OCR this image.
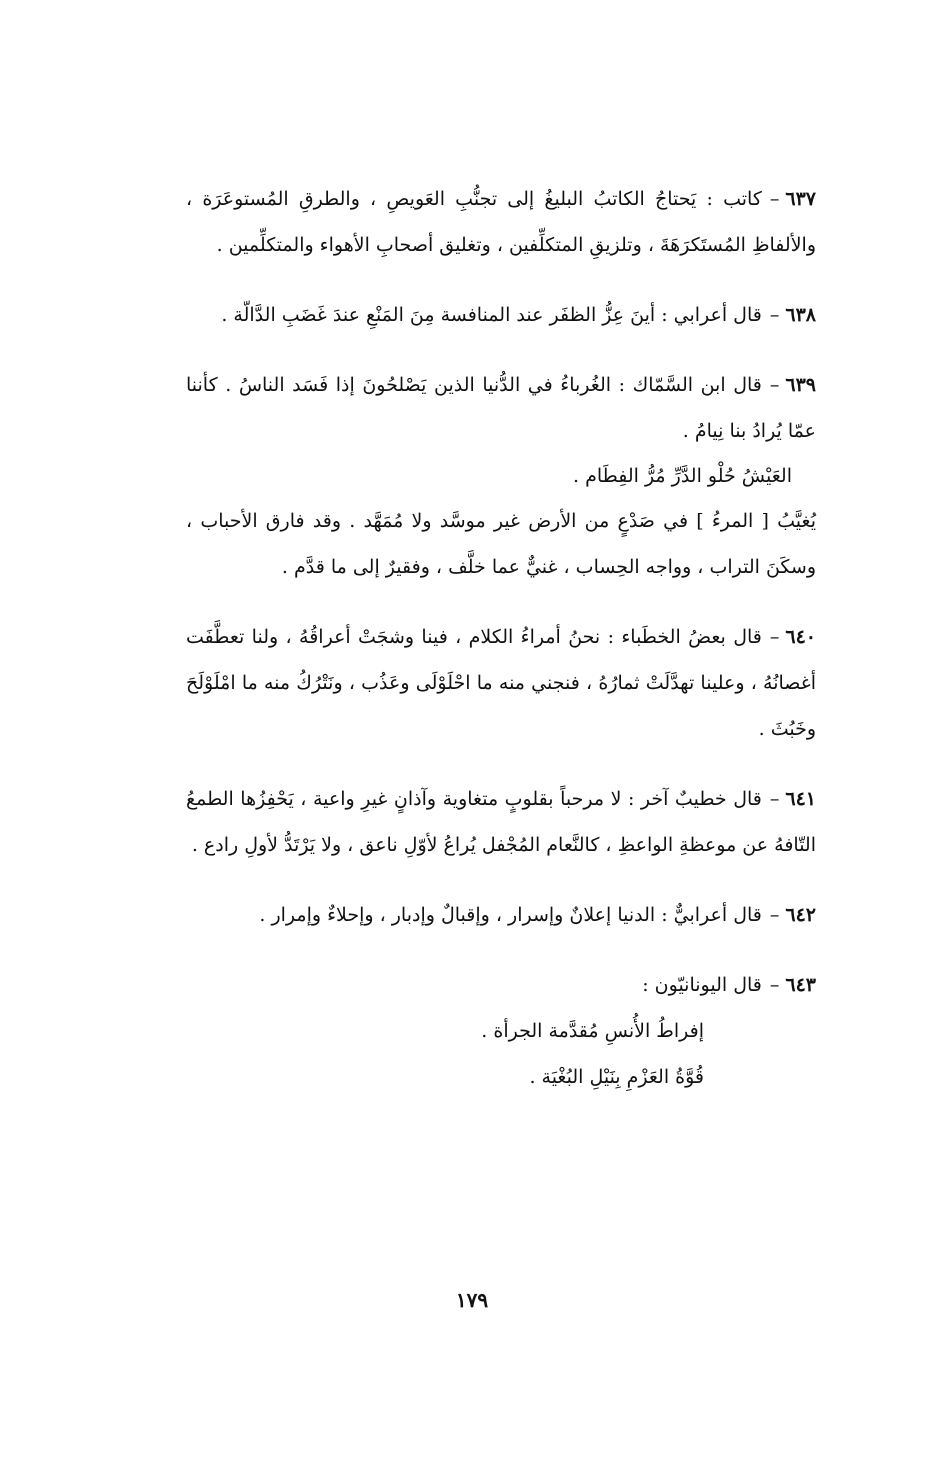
٦٣٧–كاتب : يَحتاجُ الكاتبُ البليغُ إلى تجنُّبِ العَويصِ ، والطرقِ المُستوعَرَة ، والألفاظِ المُستَكرَهَةَ ، وتلزيقِ المتكلِّفين ، وتغليق أصحابِ الأهواء والمتكلِّمين .

٦٣٨–قال أعرابي : أينَ عِزُّ الظفَر عند المنافسة مِنَ المَنْعِ عندَ غَضَبِ الدَّالّة .

٦٣٩–قال ابن السَّمّاك : الغُرباءُ في الدُّنيا الذين يَصْلحُونَ إذا فَسَد الناسُ . كأننا عمّا يُرادُ بنا نِيامُ .

العَيْشُ حُلْو الدَّرِّ مُرُّ الفِطَام .

يُغيَّبُ [ المرءُ ] في صَدْعٍ من الأرض غير موسَّد ولا مُمَهَّد . وقد فارق الأحباب ، وسكَنَ التراب ، وواجه الحِساب ، غنيٌّ عما خلَّف ، وفقيرٌ إلى ما قدَّم .

٦٤٠–قال بعضُ الخطَباء : نحنُ أمراءُ الكلام ، فينا وشجَتْ أعراقُهُ ، ولنا تعطَّفَت أغصانُهُ ، وعلينا تهدَّلَتْ ثمارُهُ ، فنجني منه ما احْلَوْلَى وعَذُب ، ونَتْرُكُ منه ما امْلَوْلَحَ وخَبُثَ .

٦٤١–قال خطيبٌ آخر : لا مرحباً بقلوبٍ متغاوية وآذانٍ غيرِ واعية ، يَحْفِزُها الطمعُ التّافهُ عن موعظةِ الواعظِ ، كالنَّعام المُجْفل يُراعُ لأوّلِ ناعق ، ولا يَرْتَدُّ لأولِ رادع .

٦٤٢–قال أعرابيٌّ : الدنيا إعلانٌ وإسرار ، وإقبالٌ وإدبار ، وإحلاءٌ وإمرار .

٦٤٣–قال اليونانيّون :

إفراطُ الأُنسِ مُقدَّمة الجرأة .

قُوَّةُ العَزْمِ بِنَيْلِ البُغْيَة .

١٧٩
